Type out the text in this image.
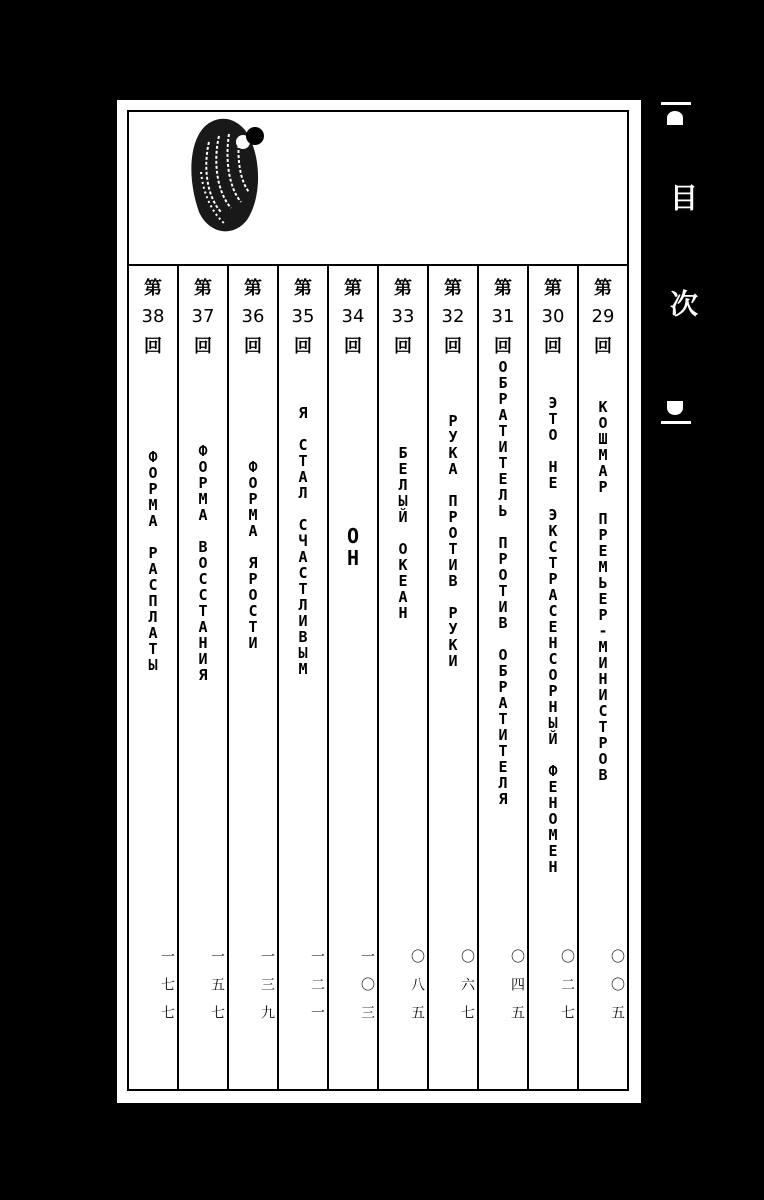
第
38
回
ФОРМА РАСПЛАТЫ
一七七
第
37
回
ФОРМА ВОССТАНИЯ
一五七
第
36
回
ФОРМА ЯРОСТИ
一三九
第
35
回
Я СТАЛ СЧАСТЛИВЫМ
一二一
第
34
回
ОН
一〇三
第
33
回
БЕЛЫЙ ОКЕАН
〇八五
第
32
回
РУКА ПРОТИВ РУКИ
〇六七
第
31
回
ОБРАТИТЕЛЬ ПРОТИВ ОБРАТИТЕЛЯ
〇四五
第
30
回
ЭТО НЕ ЭКСТРАСЕНСОРНЫЙ ФЕНОМЕН
〇二七
第
29
回
КОШМАР ПРЕМЬЕР-МИНИСТРОВ
〇〇五
目次
